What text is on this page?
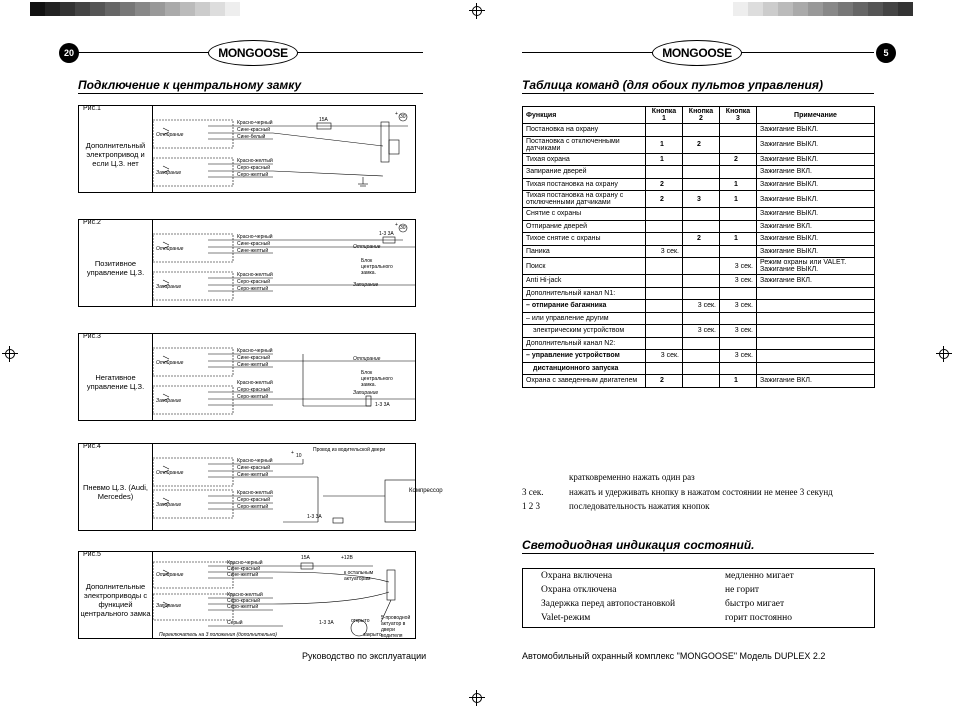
20	MONGOOSE
Подключение к центральному замку
Рис.1
Дополнительный электропривод и если Ц.З. нет
Отпирание
Запирание
Красно-черный
Сине-красный
Сине-белый
Красно-желтый
Серо-красный
Серо-желтый
15А
+ 30
Рис.2
Позитивное управление Ц.З.
Отпирание
Запирание
Красно-черный
Сине-красный
Сине-желтый
Красно-желтый
Серо-красный
Серо-желтый
1-3 3А
+ 30
Отпирание
Блок центрального замка.
Запирание
Рис.3
Негативное управление Ц.З.
Отпирание
Запирание
Красно-черный
Сине-красный
Сине-желтый
Красно-желтый
Серо-красный
Серо-желтый
1-3 3А
Отпирание
Блок центрального замка.
Запирание
Рис.4
Пневмо Ц.З. (Audi, Mercedes)
Отпирание
Запирание
Красно-черный
Сине-красный
Сине-желтый
Красно-желтый
Серо-красный
Серо-желтый
1-3 3А
+ 10
Провод из водительской двери
Компрессор
Рис.5
Дополнительные электроприводы с функцией центрального замка
Отпирание
Запирание
Красно-черный
Сине-красный
Сине-желтый
Красно-желтый
Серо-красный
Серо-желтый
Серый
15А	+12В
к остальным актуаторам
1-3 3А
Переключатель на 3 положения (дополнительно)
5-проводной актуатор в двери водителя
открыто
закрыто
Руководство по эксплуатации
5
MONGOOSE
Таблица команд (для обоих пультов управления)
Функция	Кнопка 1	Кнопка 2	Кнопка 3	Примечание
Постановка на охрану				Зажигание ВЫКЛ.
Постановка с отключенными датчиками	1	2		Зажигание ВЫКЛ.
Тихая охрана	1		2	Зажигание ВЫКЛ.
Запирание дверей				Зажигание ВКЛ.
Тихая постановка на охрану	2		1	Зажигание ВЫКЛ.
Тихая постановка на охрану с отключенными датчиками	2	3	1	Зажигание ВЫКЛ.
Снятие с охраны				Зажигание ВЫКЛ.
Отпирание дверей				Зажигание ВКЛ.
Тихое снятие с охраны		2	1	Зажигание ВЫКЛ.
Паника	3 сек.			Зажигание ВЫКЛ.
Поиск			3 сек.	Режим охраны или VALET. Зажигание ВЫКЛ.
Anti Hi-jack			3 сек.	Зажигание ВКЛ.
Дополнительный канал N1:				
– отпирание багажника		3 сек.	3 сек.	
– или управление другим				
электрическим устройством		3 сек.	3 сек.	
Дополнительный канал N2:				
– управление устройством	3 сек.		3 сек.	
дистанционного запуска				
Охрана с заведенным двигателем	2		1	Зажигание ВКЛ.
кратковременно нажать один раз
3 сек.	нажать и удерживать кнопку в нажатом состоянии не менее 3 секунд
1 2 3	последовательность нажатия кнопок
Светодиодная индикация состояний.
Охрана включена	медленно мигает
Охрана отключена	не горит
Задержка перед автопостановкой	быстро мигает
Valet-режим	горит постоянно
Автомобильный охранный комплекс "MONGOOSE" Модель DUPLEX 2.2
